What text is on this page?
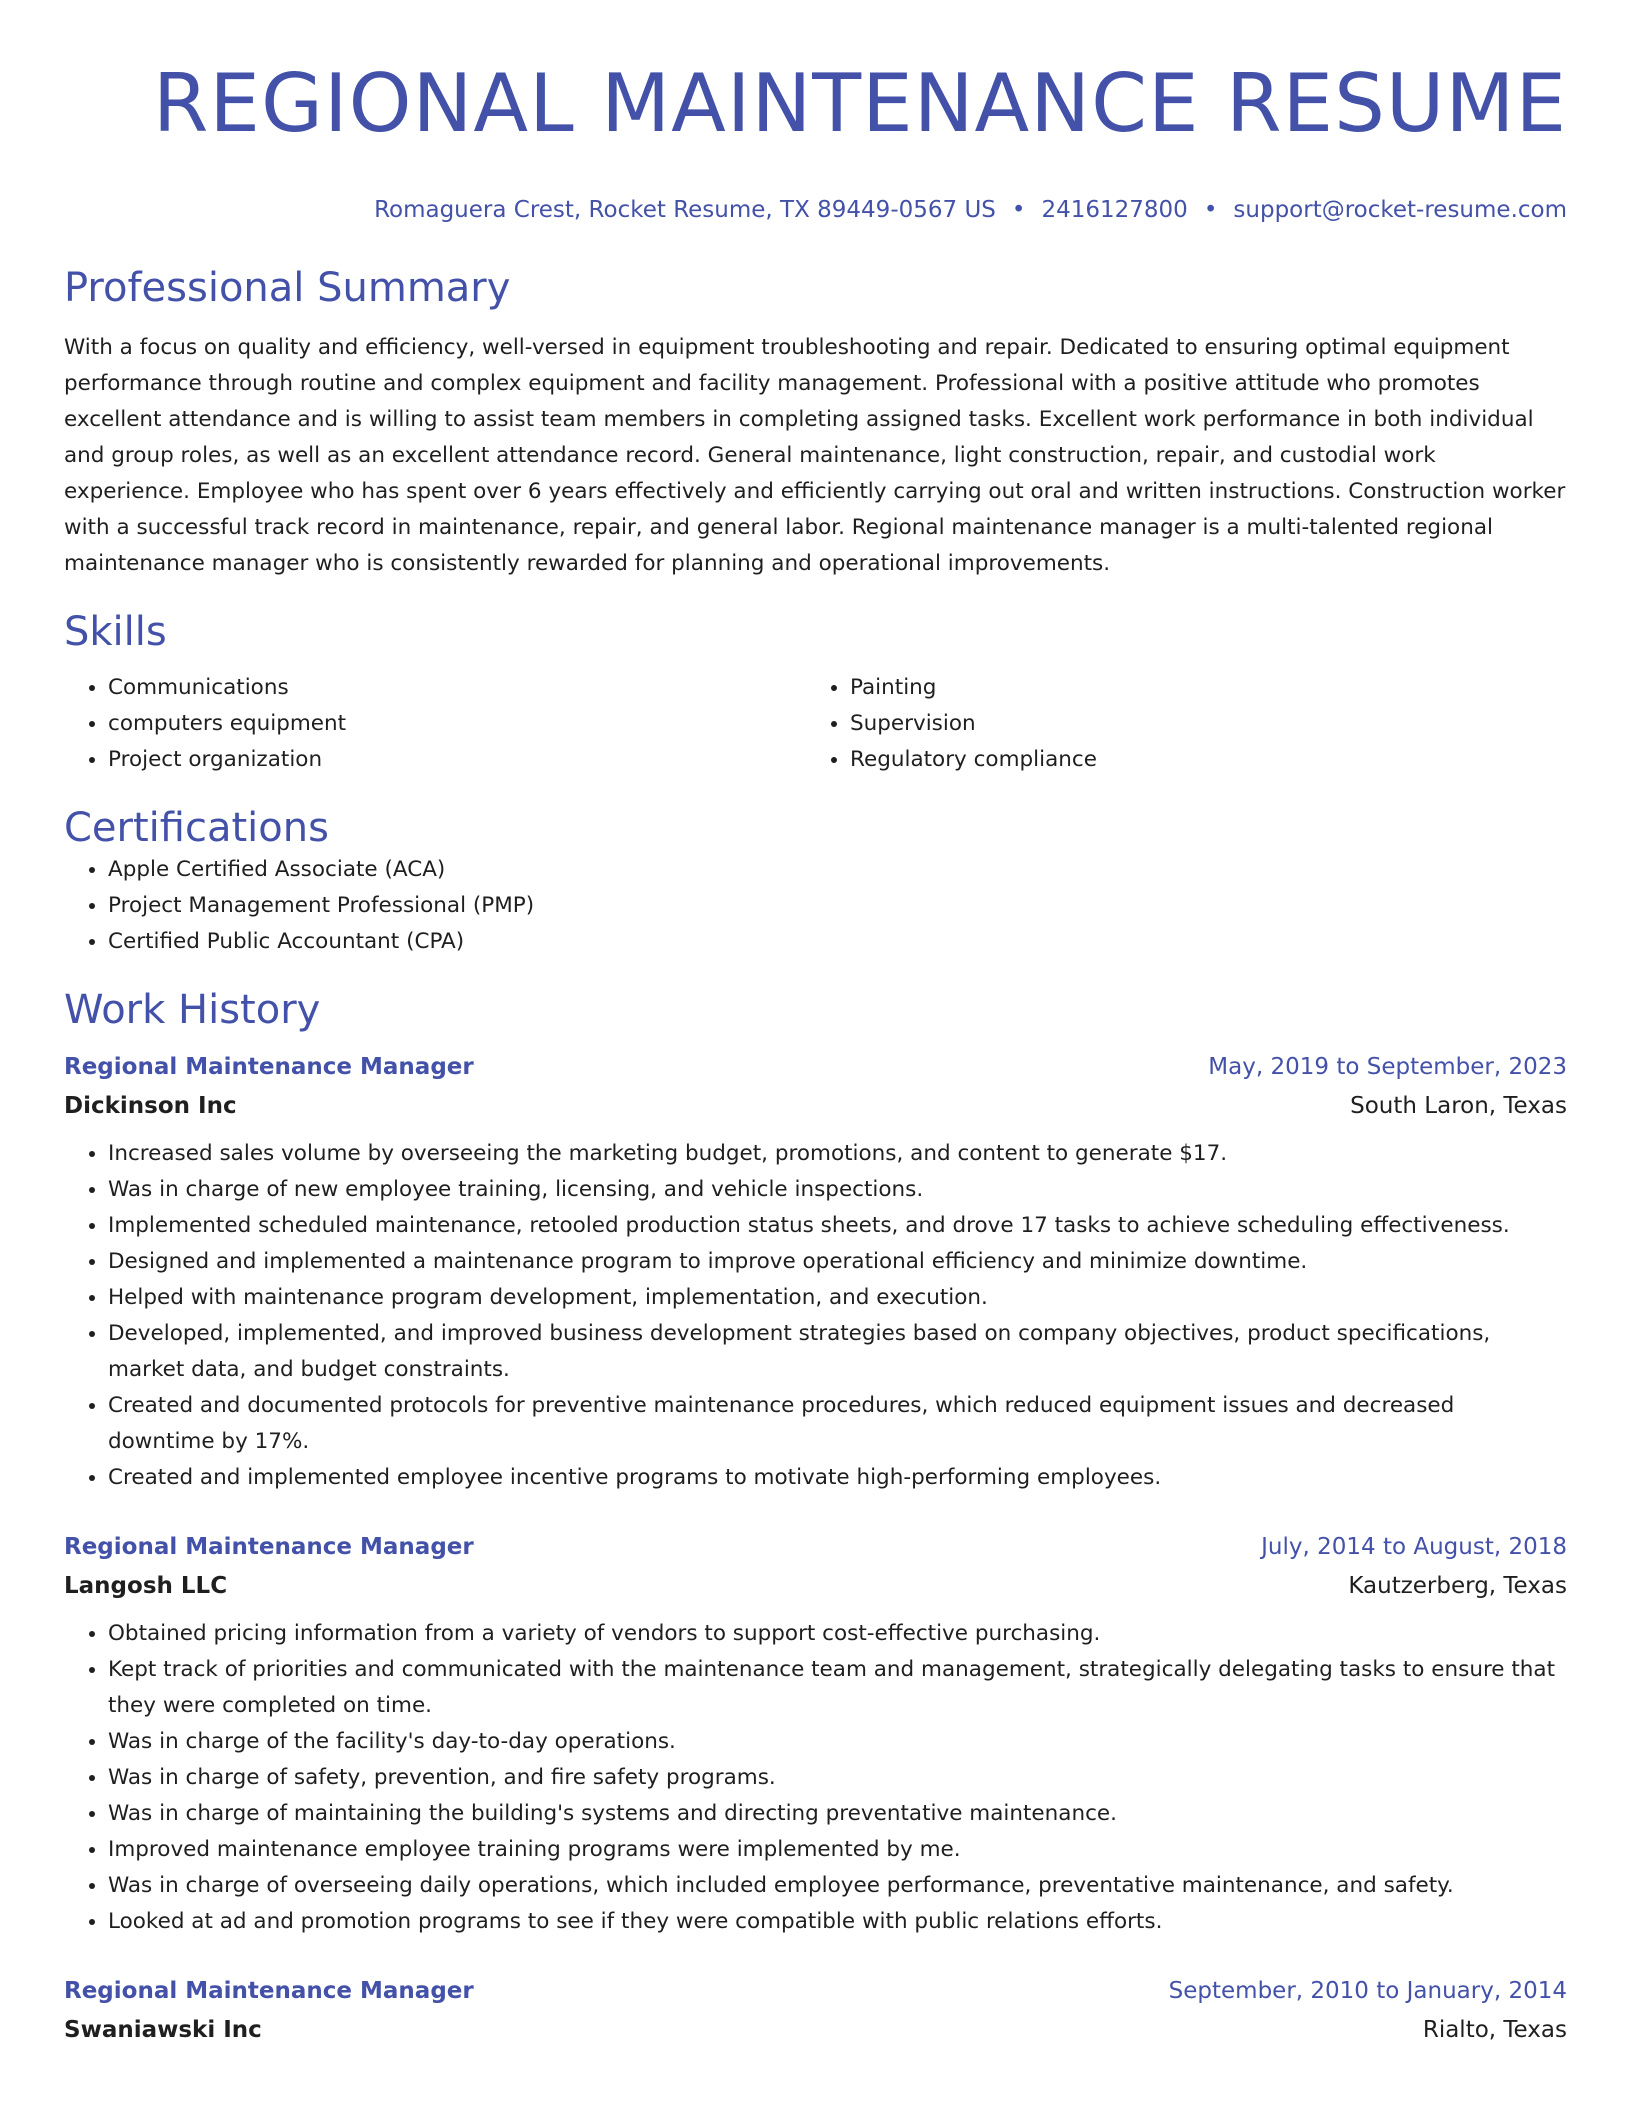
REGIONAL MAINTENANCE RESUME
Romaguera Crest, Rocket Resume, TX 89449-0567 US • 2416127800 • support@rocket-resume.com
Professional Summary
With a focus on quality and efficiency, well-versed in equipment troubleshooting and repair. Dedicated to ensuring optimal equipment performance through routine and complex equipment and facility management. Professional with a positive attitude who promotes excellent attendance and is willing to assist team members in completing assigned tasks. Excellent work performance in both individual and group roles, as well as an excellent attendance record. General maintenance, light construction, repair, and custodial work experience. Employee who has spent over 6 years effectively and efficiently carrying out oral and written instructions. Construction worker with a successful track record in maintenance, repair, and general labor. Regional maintenance manager is a multi-talented regional maintenance manager who is consistently rewarded for planning and operational improvements.
Skills
• Communications
• computers equipment
• Project organization
• Painting
• Supervision
• Regulatory compliance
Certifications
• Apple Certified Associate (ACA)
• Project Management Professional (PMP)
• Certified Public Accountant (CPA)
Work History
Regional Maintenance Manager	May, 2019 to September, 2023
Dickinson Inc	South Laron, Texas
• Increased sales volume by overseeing the marketing budget, promotions, and content to generate $17.
• Was in charge of new employee training, licensing, and vehicle inspections.
• Implemented scheduled maintenance, retooled production status sheets, and drove 17 tasks to achieve scheduling effectiveness.
• Designed and implemented a maintenance program to improve operational efficiency and minimize downtime.
• Helped with maintenance program development, implementation, and execution.
• Developed, implemented, and improved business development strategies based on company objectives, product specifications, market data, and budget constraints.
• Created and documented protocols for preventive maintenance procedures, which reduced equipment issues and decreased downtime by 17%.
• Created and implemented employee incentive programs to motivate high-performing employees.
Regional Maintenance Manager	July, 2014 to August, 2018
Langosh LLC	Kautzerberg, Texas
• Obtained pricing information from a variety of vendors to support cost-effective purchasing.
• Kept track of priorities and communicated with the maintenance team and management, strategically delegating tasks to ensure that they were completed on time.
• Was in charge of the facility's day-to-day operations.
• Was in charge of safety, prevention, and fire safety programs.
• Was in charge of maintaining the building's systems and directing preventative maintenance.
• Improved maintenance employee training programs were implemented by me.
• Was in charge of overseeing daily operations, which included employee performance, preventative maintenance, and safety.
• Looked at ad and promotion programs to see if they were compatible with public relations efforts.
Regional Maintenance Manager	September, 2010 to January, 2014
Swaniawski Inc	Rialto, Texas
